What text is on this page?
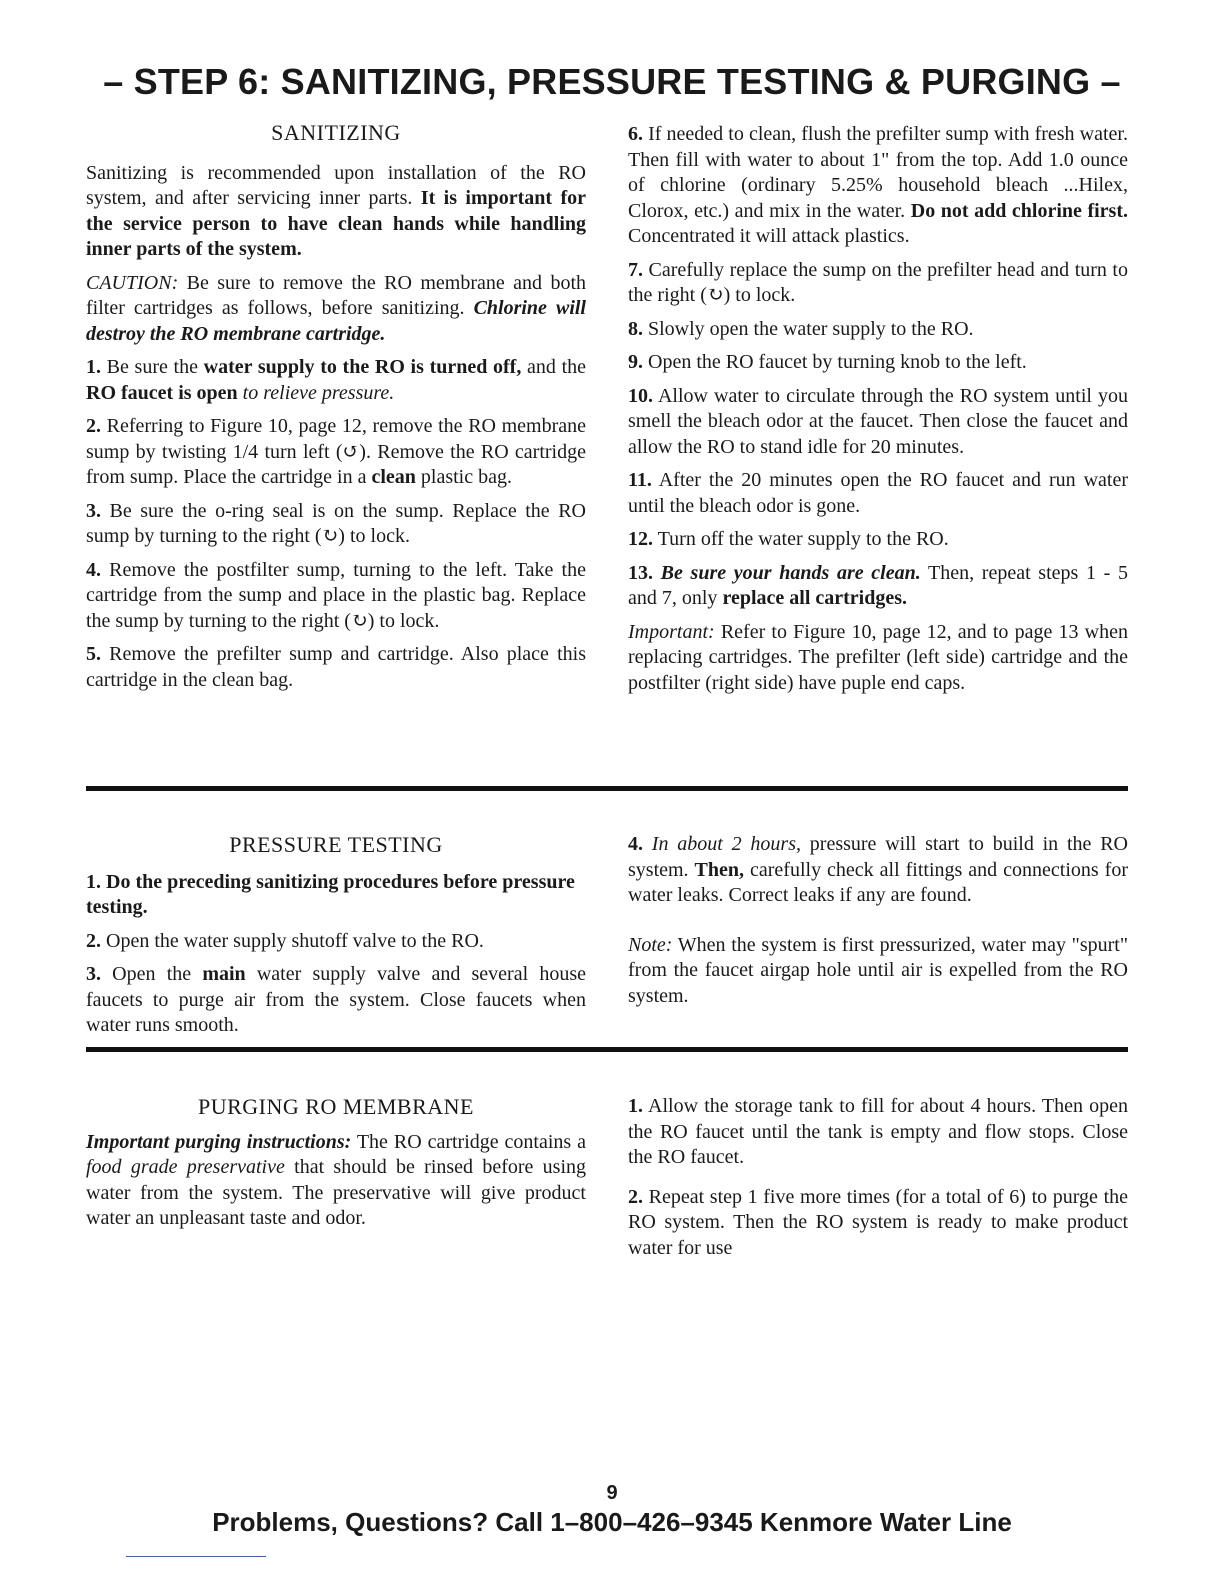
– STEP 6: SANITIZING, PRESSURE TESTING & PURGING –
SANITIZING

Sanitizing is recommended upon installation of the RO system, and after servicing inner parts. It is important for the service person to have clean hands while handling inner parts of the system.

CAUTION: Be sure to remove the RO membrane and both filter cartridges as follows, before sanitizing. Chlorine will destroy the RO membrane cartridge.

1. Be sure the water supply to the RO is turned off, and the RO faucet is open to relieve pressure.

2. Referring to Figure 10, page 12, remove the RO membrane sump by twisting 1/4 turn left (↺). Remove the RO cartridge from sump. Place the cartridge in a clean plastic bag.

3. Be sure the o-ring seal is on the sump. Replace the RO sump by turning to the right (↻) to lock.

4. Remove the postfilter sump, turning to the left. Take the cartridge from the sump and place in the plastic bag. Replace the sump by turning to the right (↻) to lock.

5. Remove the prefilter sump and cartridge. Also place this cartridge in the clean bag.

6. If needed to clean, flush the prefilter sump with fresh water. Then fill with water to about 1" from the top. Add 1.0 ounce of chlorine (ordinary 5.25% household bleach ...Hilex, Clorox, etc.) and mix in the water. Do not add chlorine first. Concentrated it will attack plastics.

7. Carefully replace the sump on the prefilter head and turn to the right (↻) to lock.

8. Slowly open the water supply to the RO.

9. Open the RO faucet by turning knob to the left.

10. Allow water to circulate through the RO system until you smell the bleach odor at the faucet. Then close the faucet and allow the RO to stand idle for 20 minutes.

11. After the 20 minutes open the RO faucet and run water until the bleach odor is gone.

12. Turn off the water supply to the RO.

13. Be sure your hands are clean. Then, repeat steps 1 - 5 and 7, only replace all cartridges.

Important: Refer to Figure 10, page 12, and to page 13 when replacing cartridges. The prefilter (left side) cartridge and the postfilter (right side) have puple end caps.

PRESSURE TESTING

1. Do the preceding sanitizing procedures before pressure testing.

2. Open the water supply shutoff valve to the RO.

3. Open the main water supply valve and several house faucets to purge air from the system. Close faucets when water runs smooth.

4. In about 2 hours, pressure will start to build in the RO system. Then, carefully check all fittings and connections for water leaks. Correct leaks if any are found.

Note: When the system is first pressurized, water may "spurt" from the faucet airgap hole until air is expelled from the RO system.

PURGING RO MEMBRANE

Important purging instructions: The RO cartridge contains a food grade preservative that should be rinsed before using water from the system. The preservative will give product water an unpleasant taste and odor.

1. Allow the storage tank to fill for about 4 hours. Then open the RO faucet until the tank is empty and flow stops. Close the RO faucet.

2. Repeat step 1 five more times (for a total of 6) to purge the RO system. Then the RO system is ready to make product water for use

9
Problems, Questions? Call 1–800–426–9345 Kenmore Water Line
